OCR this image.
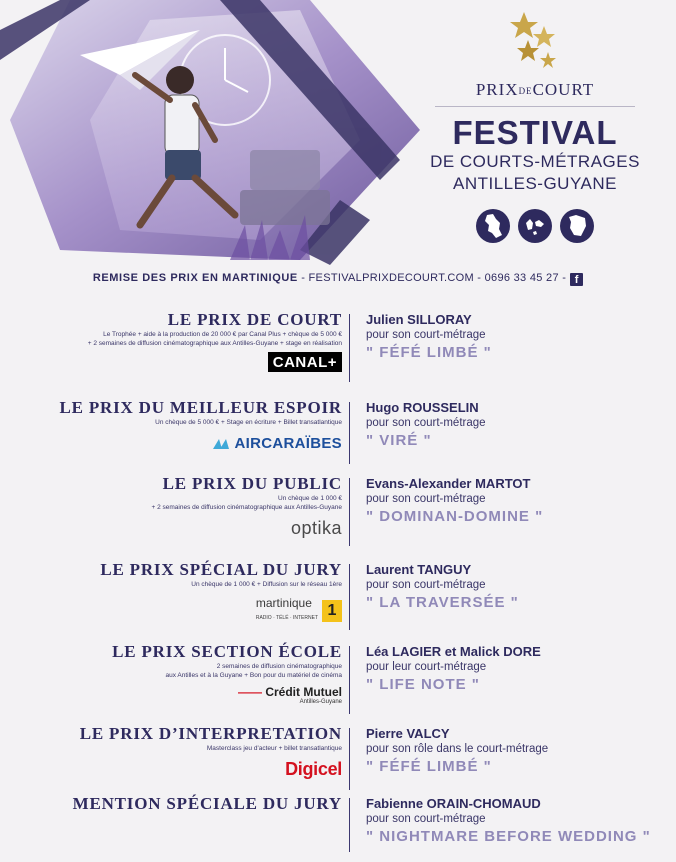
PRIXDECOURT
FESTIVAL
DE COURTS-MÉTRAGES
ANTILLES-GUYANE
REMISE DES PRIX EN MARTINIQUE - FESTIVALPRIXDECOURT.COM - 0696 33 45 27 - f
LE PRIX DE COURT
Le Trophée + aide à la production de 20 000 € par Canal Plus + chèque de 5 000 €
+ 2 semaines de diffusion cinématographique aux Antilles-Guyane + stage en réalisation
CANAL+
Julien SILLORAY
pour son court-métrage
" FÉFÉ LIMBÉ "
LE PRIX DU MEILLEUR ESPOIR
Un chèque de 5 000 € + Stage en écriture + Billet transatlantique
AIRCARAÏBES
Hugo ROUSSELIN
pour son court-métrage
" VIRÉ "
LE PRIX DU PUBLIC
Un chèque de 1 000 €
+ 2 semaines de diffusion cinématographique aux Antilles-Guyane
optika
Evans-Alexander MARTOT
pour son court-métrage
" DOMINAN-DOMINE "
LE PRIX SPÉCIAL DU JURY
Un chèque de 1 000 € + Diffusion sur le réseau 1ère
martinique
RADIO · TÉLÉ · INTERNET 1
Laurent TANGUY
pour son court-métrage
" LA TRAVERSÉE "
LE PRIX SECTION ÉCOLE
2 semaines de diffusion cinématographique
aux Antilles et à la Guyane + Bon pour du matériel de cinéma
—— Crédit Mutuel
Antilles-Guyane
Léa LAGIER et Malick DORE
pour leur court-métrage
" LIFE NOTE "
LE PRIX D’INTERPRETATION
Masterclass jeu d'acteur + billet transatlantique
Digicel
Pierre VALCY
pour son rôle dans le court-métrage
" FÉFÉ LIMBÉ "
MENTION SPÉCIALE DU JURY Fabienne ORAIN-CHOMAUD
pour son court-métrage
" NIGHTMARE BEFORE WEDDING "
